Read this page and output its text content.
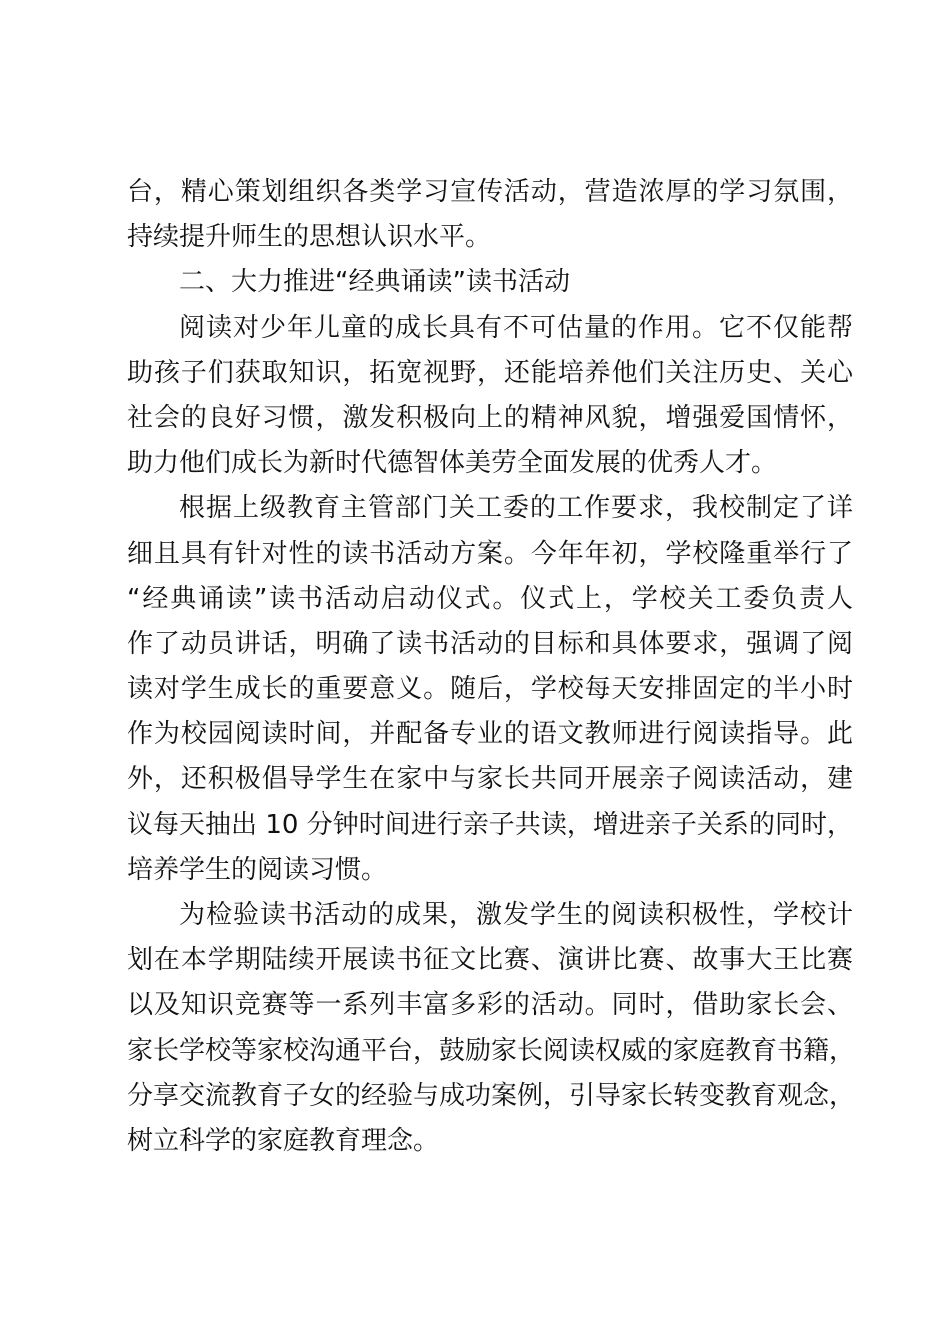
台，精心策划组织各类学习宣传活动，营造浓厚的学习氛围，
持续提升师生的思想认识水平。
二、大力推进“经典诵读”读书活动
阅读对少年儿童的成长具有不可估量的作用。它不仅能帮
助孩子们获取知识，拓宽视野，还能培养他们关注历史、关心
社会的良好习惯，激发积极向上的精神风貌，增强爱国情怀，
助力他们成长为新时代德智体美劳全面发展的优秀人才。
根据上级教育主管部门关工委的工作要求，我校制定了详
细且具有针对性的读书活动方案。今年年初，学校隆重举行了
“经典诵读”读书活动启动仪式。仪式上，学校关工委负责人
作了动员讲话，明确了读书活动的目标和具体要求，强调了阅
读对学生成长的重要意义。随后，学校每天安排固定的半小时
作为校园阅读时间，并配备专业的语文教师进行阅读指导。此
外，还积极倡导学生在家中与家长共同开展亲子阅读活动，建
议每天抽出 10 分钟时间进行亲子共读，增进亲子关系的同时，
培养学生的阅读习惯。
为检验读书活动的成果，激发学生的阅读积极性，学校计
划在本学期陆续开展读书征文比赛、演讲比赛、故事大王比赛
以及知识竞赛等一系列丰富多彩的活动。同时，借助家长会、
家长学校等家校沟通平台，鼓励家长阅读权威的家庭教育书籍，
分享交流教育子女的经验与成功案例，引导家长转变教育观念，
树立科学的家庭教育理念。
